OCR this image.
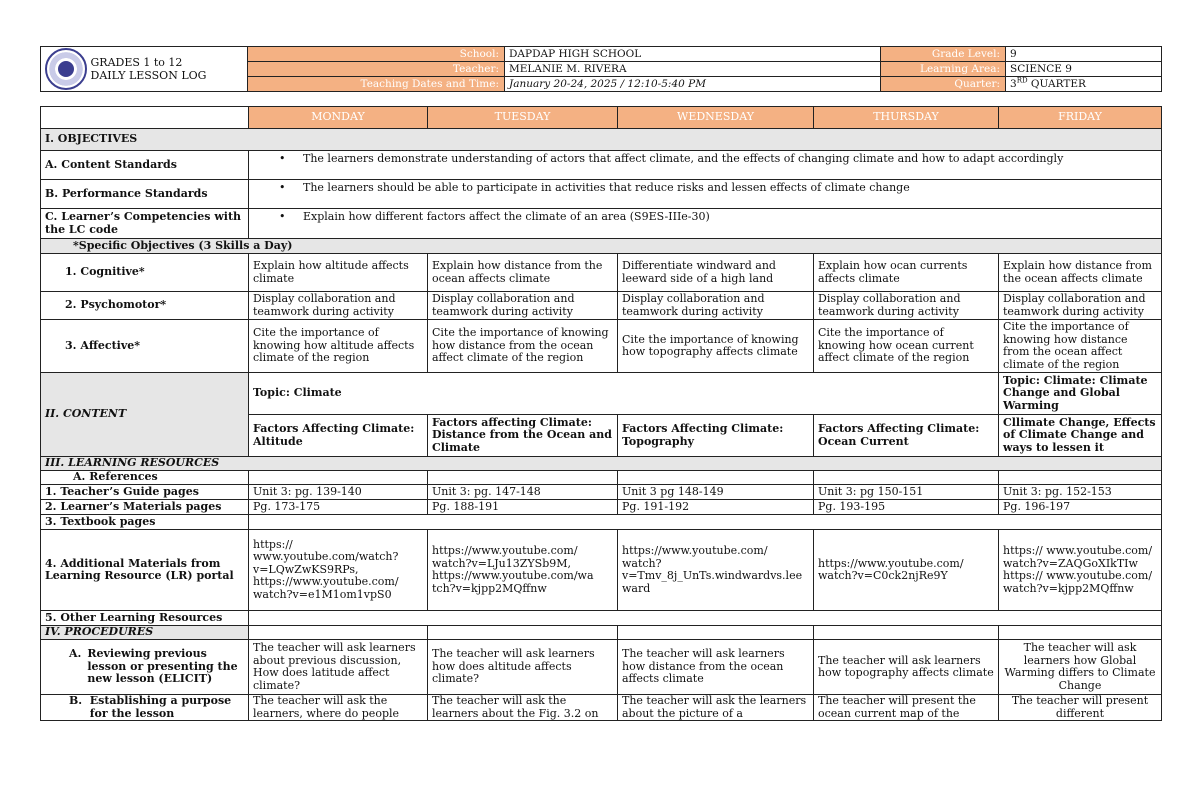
	GRADES 1 to 12
DAILY LESSON LOG	School:	DAPDAP HIGH SCHOOL	Grade Level:	9
		Teacher:	MELANIE M. RIVERA	Learning Area:	SCIENCE 9
		Teaching Dates and Time:	January 20-24, 2025 / 12:10-5:40 PM	Quarter:	3RD QUARTER
	MONDAY	TUESDAY	WEDNESDAY	THURSDAY	FRIDAY
I. OBJECTIVES					
A. Content Standards	• The learners demonstrate understanding of actors that affect climate, and the effects of changing climate and how to adapt accordingly				
B. Performance Standards	• The learners should be able to participate in activities that reduce risks and lessen effects of climate change				
C. Learner’s Competencies with the LC code	• Explain how different factors affect the climate of an area (S9ES-IIIe-30)				
*Specific Objectives (3 Skills a Day)					
1. Cognitive*	Explain how altitude affects climate	Explain how distance from the ocean affects climate	Differentiate windward and leeward side of a high land	Explain how ocan currents affects climate	Explain how distance from the ocean affects climate
2. Psychomotor*	Display collaboration and teamwork during activity	Display collaboration and teamwork during activity	Display collaboration and teamwork during activity	Display collaboration and teamwork during activity	Display collaboration and teamwork during activity
3. Affective*	Cite the importance of knowing how altitude affects climate of the region	Cite the importance of knowing how distance from the ocean affect climate of the region	Cite the importance of knowing how topography affects climate	Cite the importance of knowing how ocean current affect climate of the region	Cite the importance of knowing how distance from the ocean affect climate of the region
II. CONTENT	Topic: Climate				Topic: Climate: Climate Change and Global Warming
	Factors Affecting Climate: Altitude	Factors affecting Climate: Distance from the Ocean and Climate	Factors Affecting Climate: Topography	Factors Affecting Climate: Ocean Current	Cllimate Change, Effects of Climate Change and ways to lessen it
III. LEARNING RESOURCES					
A. References					
1. Teacher’s Guide pages	Unit 3: pg. 139-140	Unit 3: pg. 147-148	Unit 3 pg 148-149	Unit 3: pg 150-151	Unit 3: pg. 152-153
2. Learner’s Materials pages	Pg. 173-175	Pg. 188-191	Pg. 191-192	Pg. 193-195	Pg. 196-197
3. Textbook pages					
4. Additional Materials from Learning Resource (LR) portal	https:// www.youtube.com/watch? v=LQwZwKS9RPs, https://www.youtube.com/ watch?v=e1M1om1vpS0	https://www.youtube.com/ watch?v=LJu13ZYSb9M, https://www.youtube.com/wa tch?v=kjpp2MQffnw	https://www.youtube.com/ watch? v=Tmv_8j_UnTs.windwardvs.lee ward	https://www.youtube.com/ watch?v=C0ck2njRe9Y	https:// www.youtube.com/ watch?v=ZAQGoXIkTIw https:// www.youtube.com/ watch?v=kjpp2MQffnw
5. Other Learning Resources					
IV. PROCEDURES					

A. Reviewing previous lesson or presenting the new lesson (ELICIT)	The teacher will ask learners about previous discussion, How does latitude affect climate?	The teacher will ask learners how does altitude affects climate?	The teacher will ask learners how distance from the ocean affects climate	The teacher will ask learners how topography affects climate	The teacher will ask learners how Global Warming differs to Climate Change

B. Establishing a purpose for the lesson	The teacher will ask the learners, where do people	The teacher will ask the learners about the Fig. 3.2 on	The teacher will ask the learners about the picture of a	The teacher will present the ocean current map of the	The teacher will present different
